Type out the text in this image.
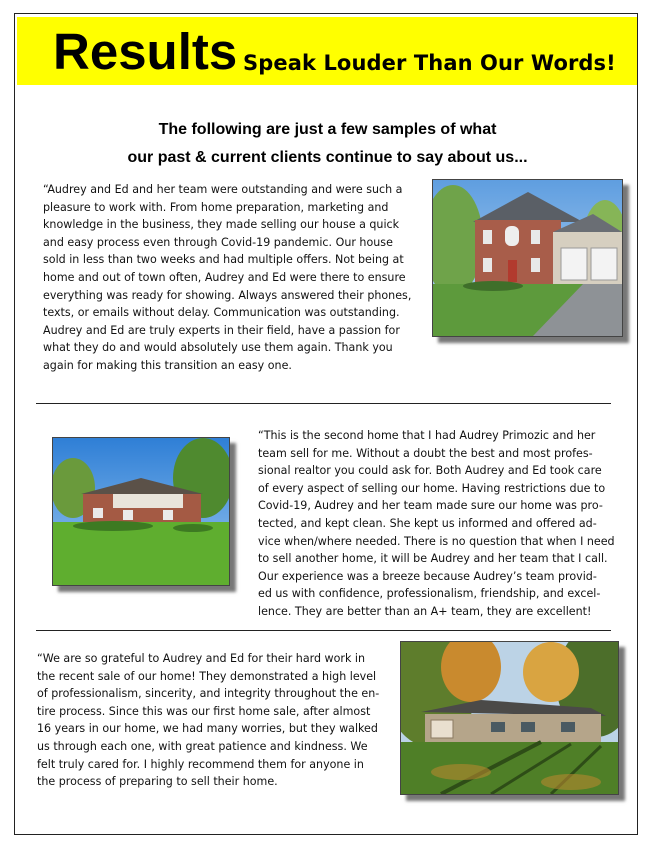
Results Speak Louder Than Our Words!
The following are just a few samples of what
our past & current clients continue to say about us...
“Audrey and Ed and her team were outstanding and were such a
pleasure to work with. From home preparation, marketing and
knowledge in the business, they made selling our house a quick
and easy process even through Covid-19 pandemic. Our house
sold in less than two weeks and had multiple offers. Not being at
home and out of town often, Audrey and Ed were there to ensure
everything was ready for showing. Always answered their phones,
texts, or emails without delay. Communication was outstanding.
Audrey and Ed are truly experts in their field, have a passion for
what they do and would absolutely use them again. Thank you
again for making this transition an easy one.
“This is the second home that I had Audrey Primozic and her
team sell for me. Without a doubt the best and most profes-
sional realtor you could ask for. Both Audrey and Ed took care
of every aspect of selling our home. Having restrictions due to
Covid-19, Audrey and her team made sure our home was pro-
tected, and kept clean. She kept us informed and offered ad-
vice when/where needed. There is no question that when I need
to sell another home, it will be Audrey and her team that I call.
Our experience was a breeze because Audrey’s team provid-
ed us with confidence, professionalism, friendship, and excel-
lence. They are better than an A+ team, they are excellent!
“We are so grateful to Audrey and Ed for their hard work in
the recent sale of our home! They demonstrated a high level
of professionalism, sincerity, and integrity throughout the en-
tire process. Since this was our first home sale, after almost
16 years in our home, we had many worries, but they walked
us through each one, with great patience and kindness. We
felt truly cared for. I highly recommend them for anyone in
the process of preparing to sell their home.
